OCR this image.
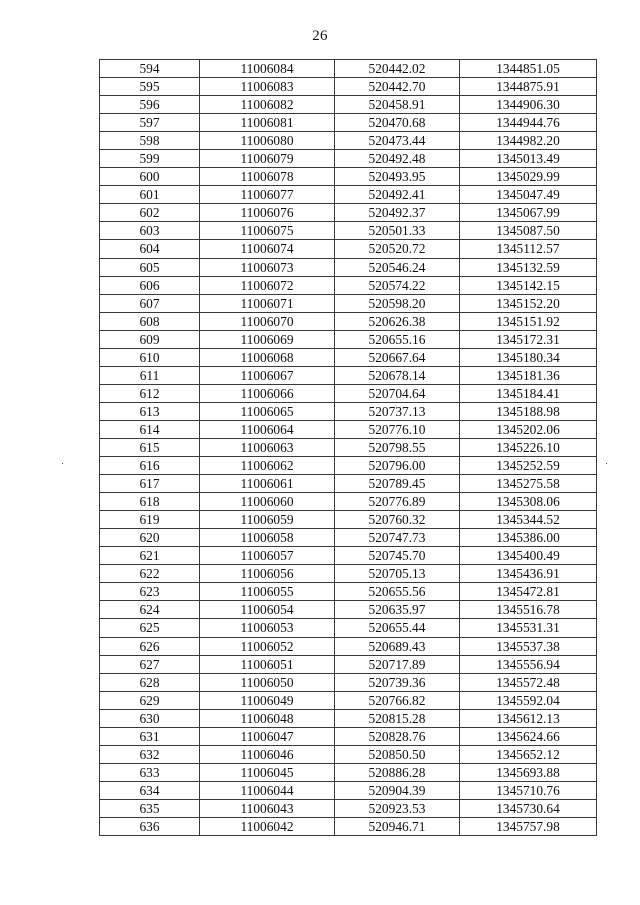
26
594	11006084	520442.02	1344851.05
595	11006083	520442.70	1344875.91
596	11006082	520458.91	1344906.30
597	11006081	520470.68	1344944.76
598	11006080	520473.44	1344982.20
599	11006079	520492.48	1345013.49
600	11006078	520493.95	1345029.99
601	11006077	520492.41	1345047.49
602	11006076	520492.37	1345067.99
603	11006075	520501.33	1345087.50
604	11006074	520520.72	1345112.57
605	11006073	520546.24	1345132.59
606	11006072	520574.22	1345142.15
607	11006071	520598.20	1345152.20
608	11006070	520626.38	1345151.92
609	11006069	520655.16	1345172.31
610	11006068	520667.64	1345180.34
611	11006067	520678.14	1345181.36
612	11006066	520704.64	1345184.41
613	11006065	520737.13	1345188.98
614	11006064	520776.10	1345202.06
615	11006063	520798.55	1345226.10
616	11006062	520796.00	1345252.59
617	11006061	520789.45	1345275.58
618	11006060	520776.89	1345308.06
619	11006059	520760.32	1345344.52
620	11006058	520747.73	1345386.00
621	11006057	520745.70	1345400.49
622	11006056	520705.13	1345436.91
623	11006055	520655.56	1345472.81
624	11006054	520635.97	1345516.78
625	11006053	520655.44	1345531.31
626	11006052	520689.43	1345537.38
627	11006051	520717.89	1345556.94
628	11006050	520739.36	1345572.48
629	11006049	520766.82	1345592.04
630	11006048	520815.28	1345612.13
631	11006047	520828.76	1345624.66
632	11006046	520850.50	1345652.12
633	11006045	520886.28	1345693.88
634	11006044	520904.39	1345710.76
635	11006043	520923.53	1345730.64
636	11006042	520946.71	1345757.98
